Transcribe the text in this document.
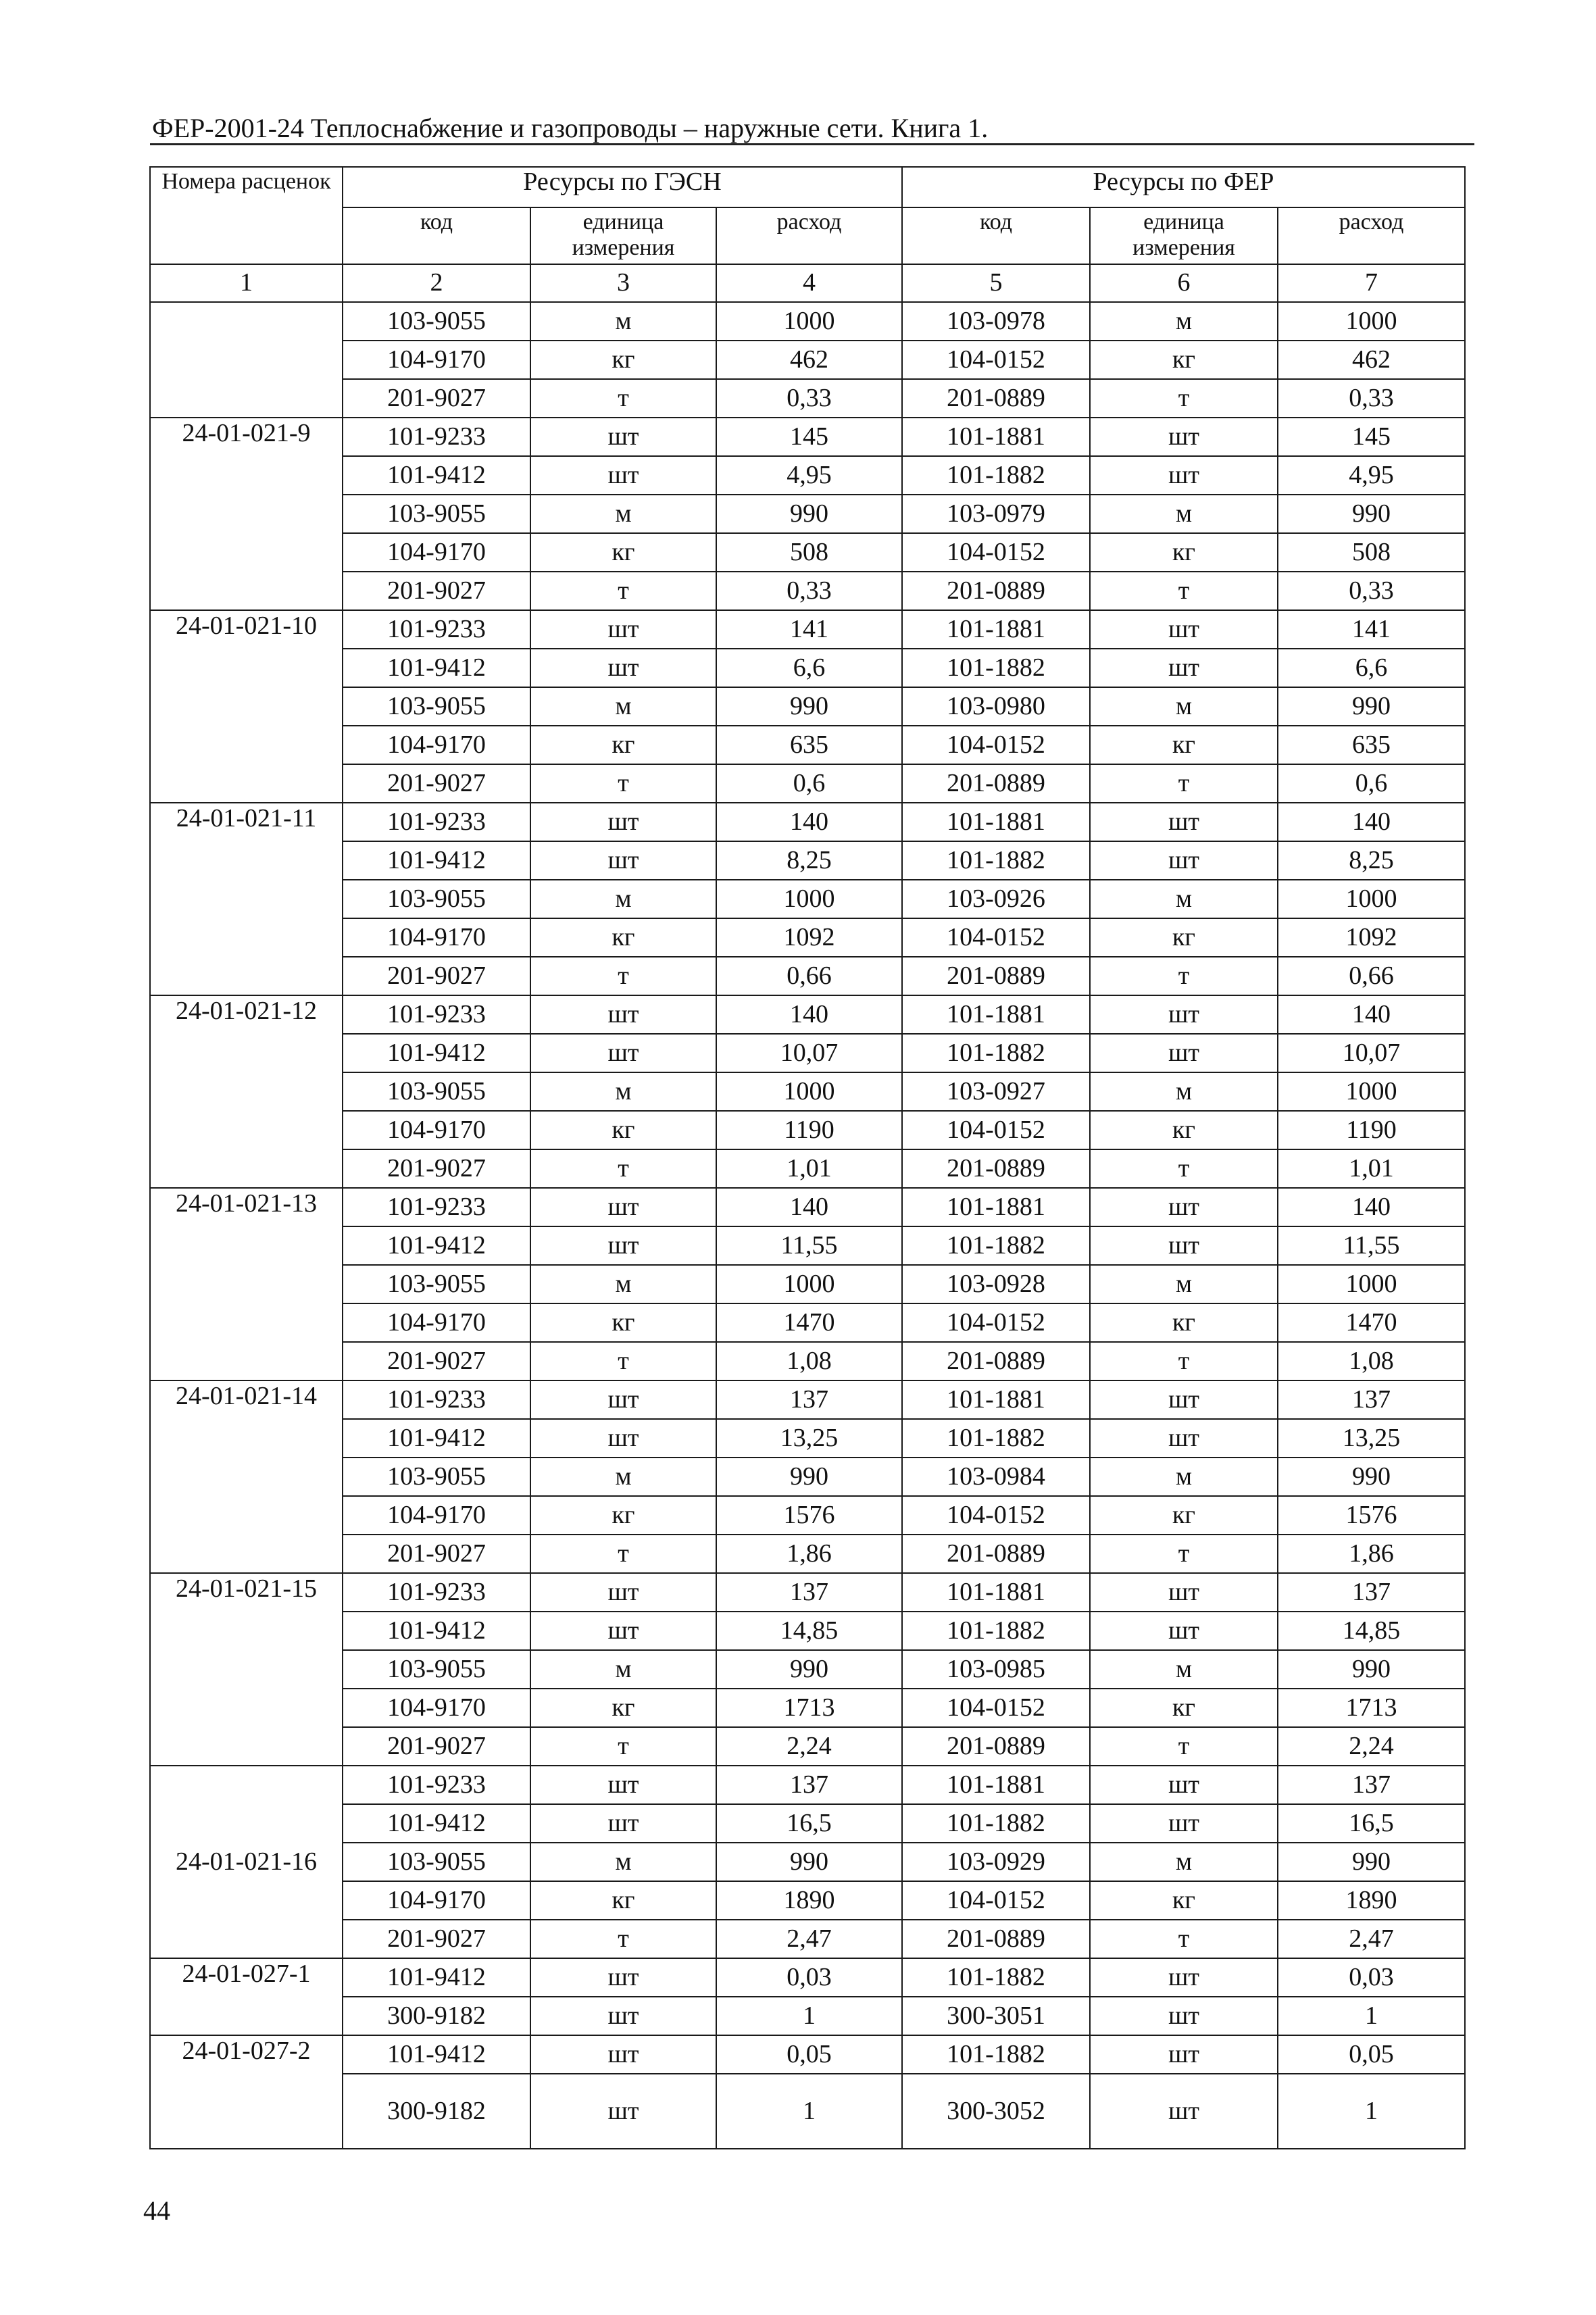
ФЕР-2001-24 Теплоснабжение и газопроводы – наружные сети. Книга 1.
Номера расценок	Ресурсы по ГЭСН			Ресурсы по ФЕР		
	код	единица измерения	расход	код	единица измерения	расход
1	2	3	4	5	6	7
	103-9055	м	1000	103-0978	м	1000
	104-9170	кг	462	104-0152	кг	462
	201-9027	т	0,33	201-0889	т	0,33
24-01-021-9	101-9233	шт	145	101-1881	шт	145
	101-9412	шт	4,95	101-1882	шт	4,95
	103-9055	м	990	103-0979	м	990
	104-9170	кг	508	104-0152	кг	508
	201-9027	т	0,33	201-0889	т	0,33
24-01-021-10	101-9233	шт	141	101-1881	шт	141
	101-9412	шт	6,6	101-1882	шт	6,6
	103-9055	м	990	103-0980	м	990
	104-9170	кг	635	104-0152	кг	635
	201-9027	т	0,6	201-0889	т	0,6
24-01-021-11	101-9233	шт	140	101-1881	шт	140
	101-9412	шт	8,25	101-1882	шт	8,25
	103-9055	м	1000	103-0926	м	1000
	104-9170	кг	1092	104-0152	кг	1092
	201-9027	т	0,66	201-0889	т	0,66
24-01-021-12	101-9233	шт	140	101-1881	шт	140
	101-9412	шт	10,07	101-1882	шт	10,07
	103-9055	м	1000	103-0927	м	1000
	104-9170	кг	1190	104-0152	кг	1190
	201-9027	т	1,01	201-0889	т	1,01
24-01-021-13	101-9233	шт	140	101-1881	шт	140
	101-9412	шт	11,55	101-1882	шт	11,55
	103-9055	м	1000	103-0928	м	1000
	104-9170	кг	1470	104-0152	кг	1470
	201-9027	т	1,08	201-0889	т	1,08
24-01-021-14	101-9233	шт	137	101-1881	шт	137
	101-9412	шт	13,25	101-1882	шт	13,25
	103-9055	м	990	103-0984	м	990
	104-9170	кг	1576	104-0152	кг	1576
	201-9027	т	1,86	201-0889	т	1,86
24-01-021-15	101-9233	шт	137	101-1881	шт	137
	101-9412	шт	14,85	101-1882	шт	14,85
	103-9055	м	990	103-0985	м	990
	104-9170	кг	1713	104-0152	кг	1713
	201-9027	т	2,24	201-0889	т	2,24
24-01-021-16	101-9233	шт	137	101-1881	шт	137
	101-9412	шт	16,5	101-1882	шт	16,5
	103-9055	м	990	103-0929	м	990
	104-9170	кг	1890	104-0152	кг	1890
	201-9027	т	2,47	201-0889	т	2,47
24-01-027-1	101-9412	шт	0,03	101-1882	шт	0,03
	300-9182	шт	1	300-3051	шт	1
24-01-027-2	101-9412	шт	0,05	101-1882	шт	0,05
	300-9182	шт	1	300-3052	шт	1
44
